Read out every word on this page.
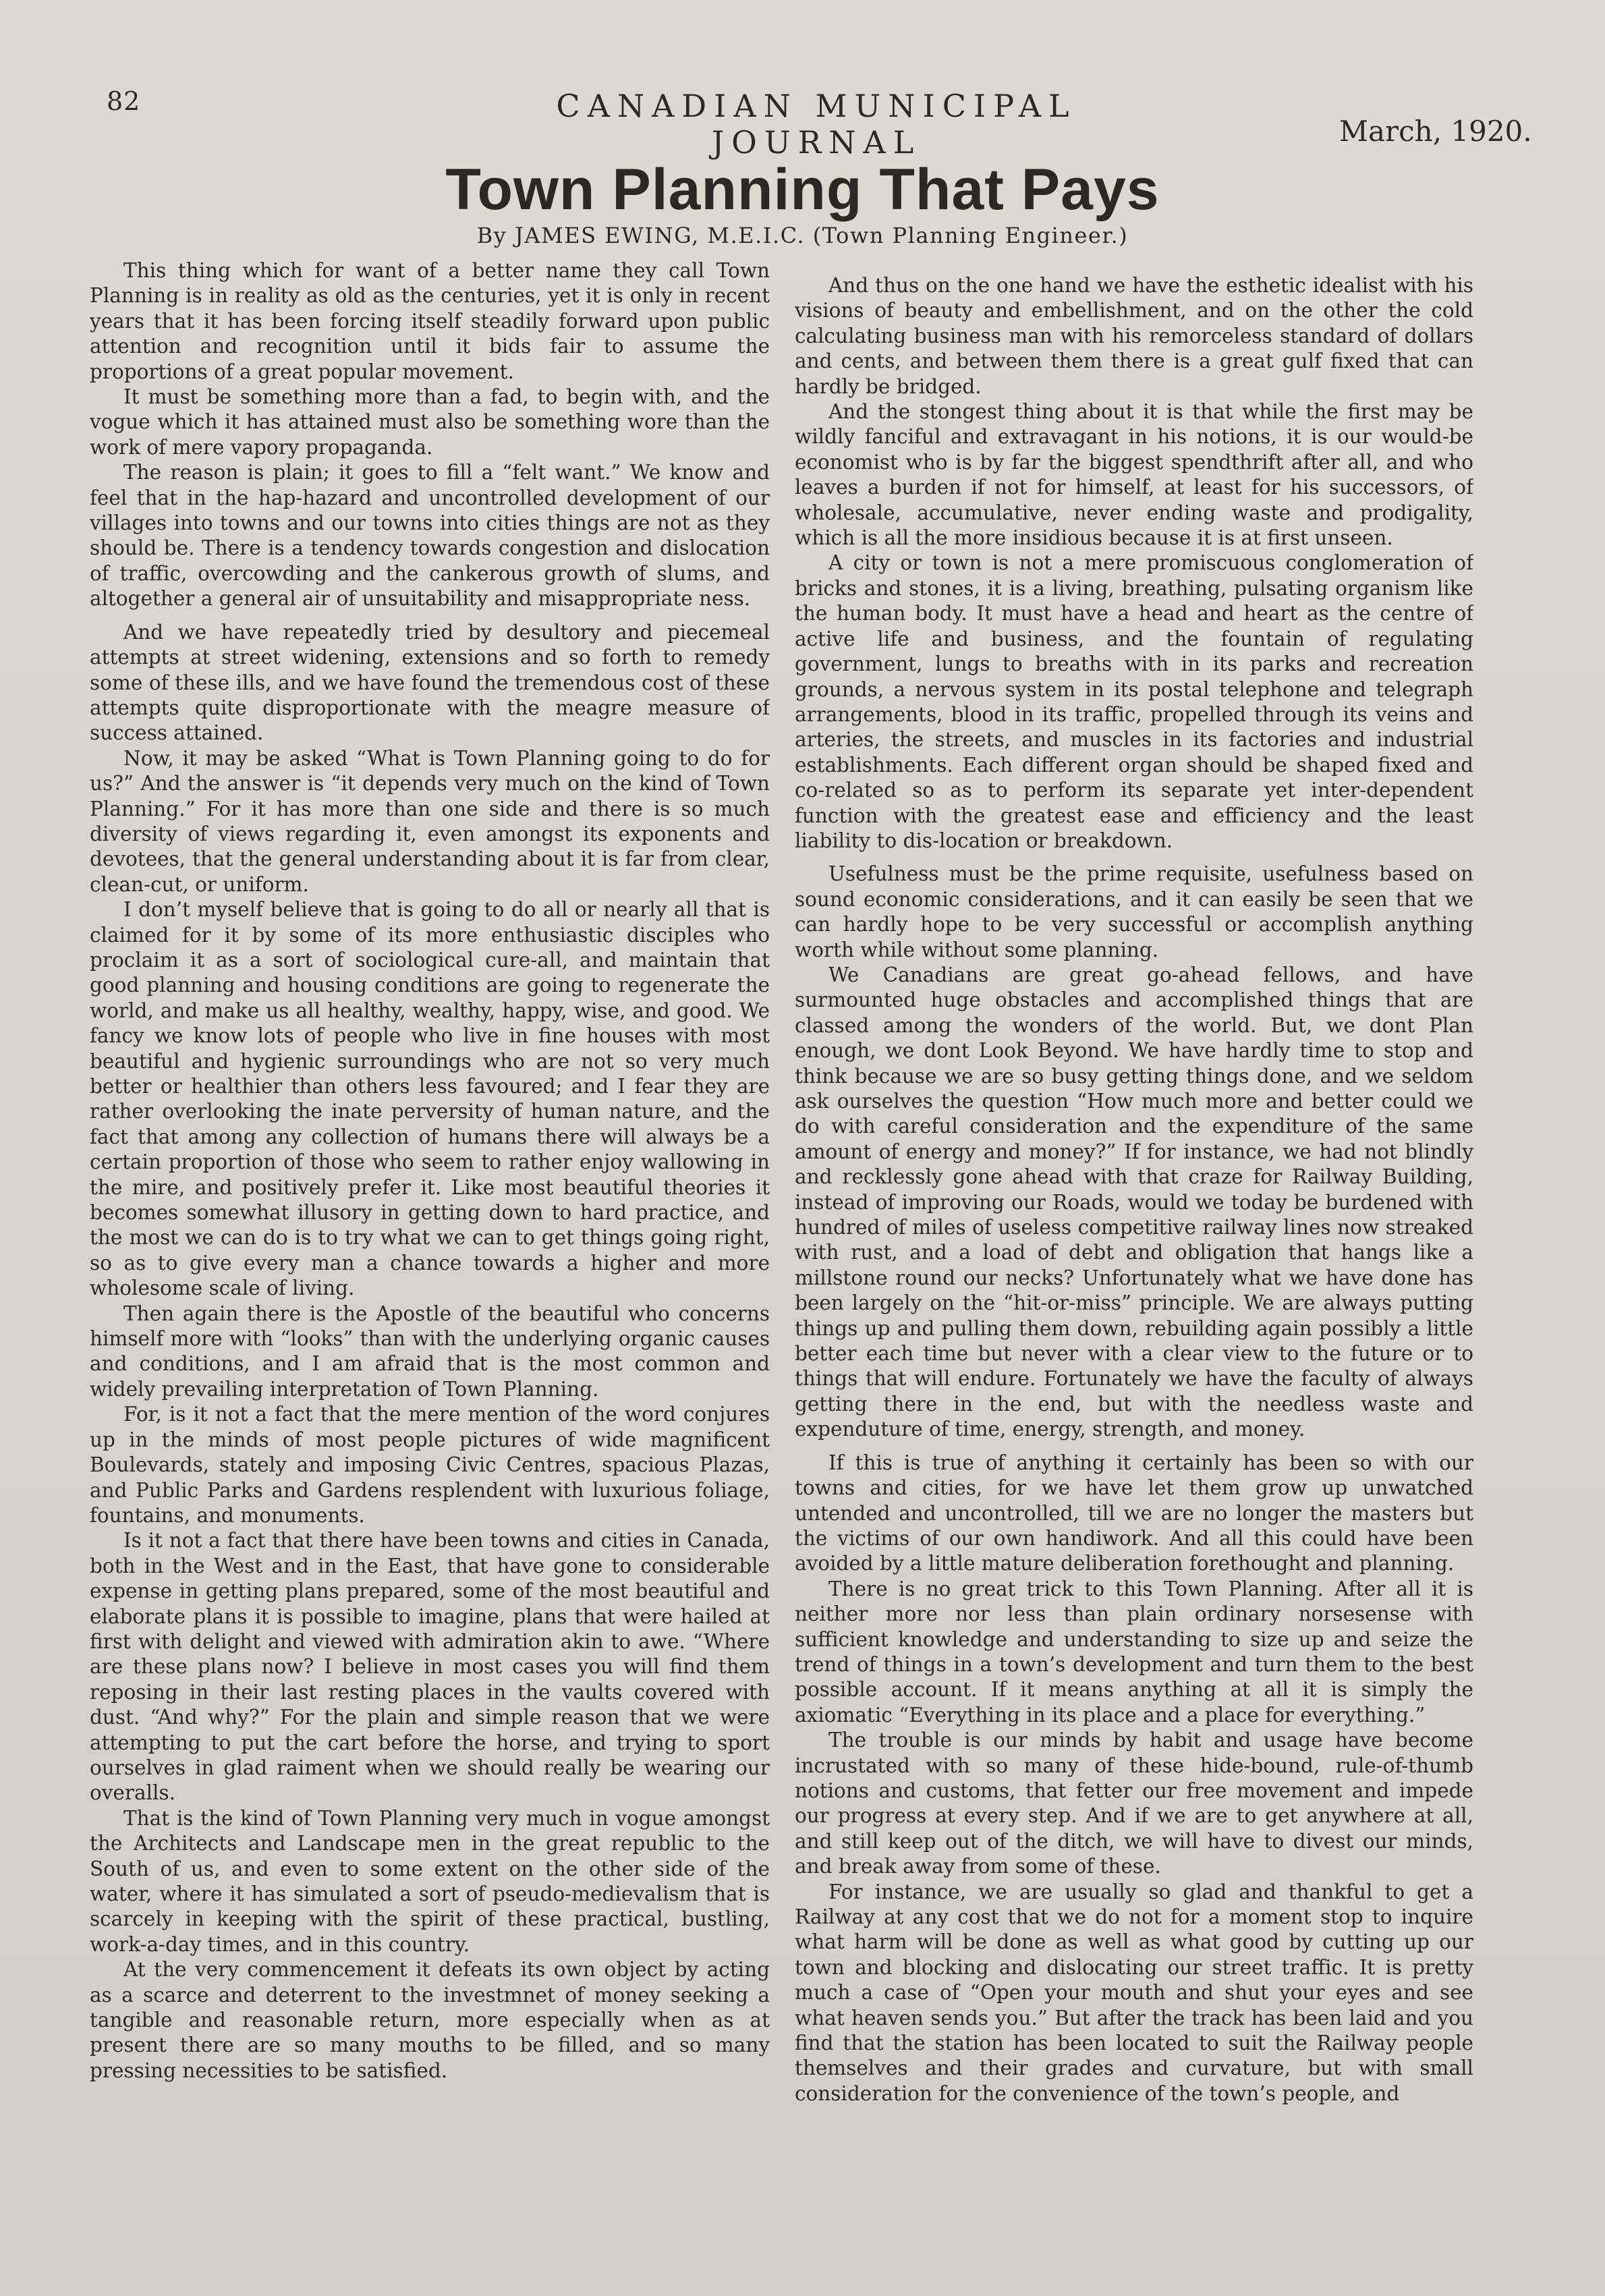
82	CANADIAN MUNICIPAL JOURNAL	March, 1920.
Town Planning That Pays
By JAMES EWING, M.E.I.C. (Town Planning Engineer.)

This thing which for want of a better name they call Town Planning is in reality as old as the centuries, yet it is only in recent years that it has been forcing itself steadily forward upon public attention and recognition until it bids fair to assume the proportions of a great popular movement.

It must be something more than a fad, to begin with, and the vogue which it has attained must also be something wore than the work of mere vapory propaganda.

The reason is plain; it goes to fill a “felt want.” We know and feel that in the hap-hazard and uncontrolled development of our villages into towns and our towns into cities things are not as they should be. There is a tendency towards congestion and dislocation of traffic, overcowding and the cankerous growth of slums, and altogether a general air of unsuitability and misappropriate ness.

And we have repeatedly tried by desultory and piecemeal attempts at street widening, extensions and so forth to remedy some of these ills, and we have found the tremendous cost of these attempts quite disproportionate with the meagre measure of success attained.

Now, it may be asked “What is Town Planning going to do for us?” And the answer is “it depends very much on the kind of Town Planning.” For it has more than one side and there is so much diversity of views regarding it, even amongst its exponents and devotees, that the general understanding about it is far from clear, clean-cut, or uniform.

I don’t myself believe that is going to do all or nearly all that is claimed for it by some of its more enthusiastic disciples who proclaim it as a sort of sociological cure-all, and maintain that good planning and housing conditions are going to regenerate the world, and make us all healthy, wealthy, happy, wise, and good. We fancy we know lots of people who live in fine houses with most beautiful and hygienic surroundings who are not so very much better or healthier than others less favoured; and I fear they are rather overlooking the inate perversity of human nature, and the fact that among any collection of humans there will always be a certain proportion of those who seem to rather enjoy wallowing in the mire, and positively prefer it. Like most beautiful theories it becomes somewhat illusory in getting down to hard practice, and the most we can do is to try what we can to get things going right, so as to give every man a chance towards a higher and more wholesome scale of living.

Then again there is the Apostle of the beautiful who concerns himself more with “looks” than with the underlying organic causes and conditions, and I am afraid that is the most common and widely prevailing interpretation of Town Planning.

For, is it not a fact that the mere mention of the word conjures up in the minds of most people pictures of wide magnificent Boulevards, stately and imposing Civic Centres, spacious Plazas, and Public Parks and Gardens resplendent with luxurious foliage, fountains, and monuments.

Is it not a fact that there have been towns and cities in Canada, both in the West and in the East, that have gone to considerable expense in getting plans prepared, some of the most beautiful and elaborate plans it is possible to imagine, plans that were hailed at first with delight and viewed with admiration akin to awe. “Where are these plans now? I believe in most cases you will find them reposing in their last resting places in the vaults covered with dust. “And why?” For the plain and simple reason that we were attempting to put the cart before the horse, and trying to sport ourselves in glad raiment when we should really be wearing our overalls.

That is the kind of Town Planning very much in vogue amongst the Architects and Landscape men in the great republic to the South of us, and even to some extent on the other side of the water, where it has simulated a sort of pseudo-medievalism that is scarcely in keeping with the spirit of these practical, bustling, work-a-day times, and in this country.

At the very commencement it defeats its own object by acting as a scarce and deterrent to the investmnet of money seeking a tangible and reasonable return, more especially when as at present there are so many mouths to be filled, and so many pressing necessities to be satisfied.

And thus on the one hand we have the esthetic idealist with his visions of beauty and embellishment, and on the other the cold calculating business man with his remorceless standard of dollars and cents, and between them there is a great gulf fixed that can hardly be bridged.

And the stongest thing about it is that while the first may be wildly fanciful and extravagant in his notions, it is our would-be economist who is by far the biggest spendthrift after all, and who leaves a burden if not for himself, at least for his successors, of wholesale, accumulative, never ending waste and prodigality, which is all the more insidious because it is at first unseen.

A city or town is not a mere promiscuous conglomeration of bricks and stones, it is a living, breathing, pulsating organism like the human body. It must have a head and heart as the centre of active life and business, and the fountain of regulating government, lungs to breaths with in its parks and recreation grounds, a nervous system in its postal telephone and telegraph arrangements, blood in its traffic, propelled through its veins and arteries, the streets, and muscles in its factories and industrial establishments. Each different organ should be shaped fixed and co-related so as to perform its separate yet inter-dependent function with the greatest ease and efficiency and the least liability to dis-location or breakdown.

Usefulness must be the prime requisite, usefulness based on sound economic considerations, and it can easily be seen that we can hardly hope to be very successful or accomplish anything worth while without some planning.

We Canadians are great go-ahead fellows, and have surmounted huge obstacles and accomplished things that are classed among the wonders of the world. But, we dont Plan enough, we dont Look Beyond. We have hardly time to stop and think because we are so busy getting things done, and we seldom ask ourselves the question “How much more and better could we do with careful consideration and the expenditure of the same amount of energy and money?” If for instance, we had not blindly and recklessly gone ahead with that craze for Railway Building, instead of improving our Roads, would we today be burdened with hundred of miles of useless competitive railway lines now streaked with rust, and a load of debt and obligation that hangs like a millstone round our necks? Unfortunately what we have done has been largely on the “hit-or-miss” principle. We are always putting things up and pulling them down, rebuilding again possibly a little better each time but never with a clear view to the future or to things that will endure. Fortunately we have the faculty of always getting there in the end, but with the needless waste and expenduture of time, energy, strength, and money.

If this is true of anything it certainly has been so with our towns and cities, for we have let them grow up unwatched untended and uncontrolled, till we are no longer the masters but the victims of our own handiwork. And all this could have been avoided by a little mature deliberation forethought and planning.

There is no great trick to this Town Planning. After all it is neither more nor less than plain ordinary norsesense with sufficient knowledge and understanding to size up and seize the trend of things in a town’s development and turn them to the best possible account. If it means anything at all it is simply the axiomatic “Everything in its place and a place for everything.”

The trouble is our minds by habit and usage have become incrustated with so many of these hide-bound, rule-of-thumb notions and customs, that fetter our free movement and impede our progress at every step. And if we are to get anywhere at all, and still keep out of the ditch, we will have to divest our minds, and break away from some of these.

For instance, we are usually so glad and thankful to get a Railway at any cost that we do not for a moment stop to inquire what harm will be done as well as what good by cutting up our town and blocking and dislocating our street traffic. It is pretty much a case of “Open your mouth and shut your eyes and see what heaven sends you.” But after the track has been laid and you find that the station has been located to suit the Railway people themselves and their grades and curvature, but with small consideration for the convenience of the town’s people, and
